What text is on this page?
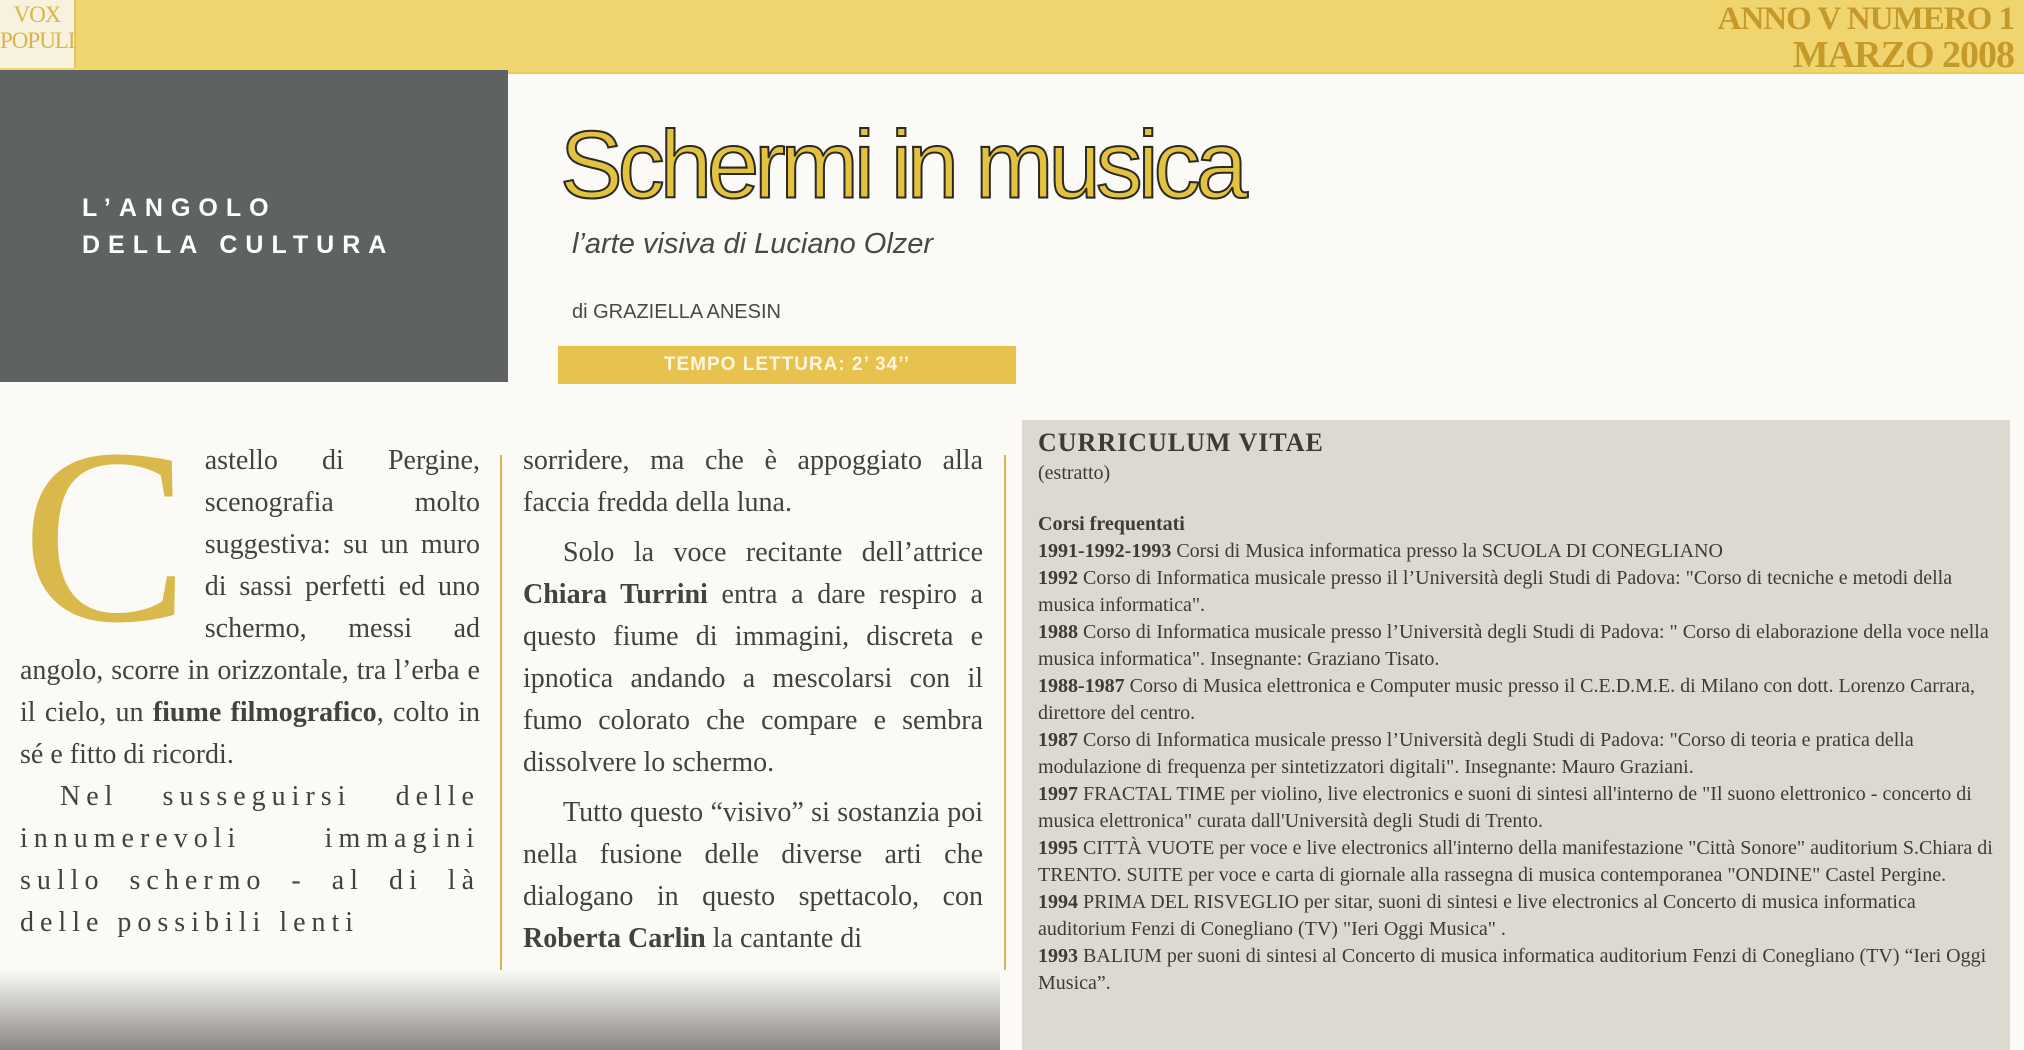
VOX
POPULI
ANNO V NUMERO 1
MARZO 2008
L’ANGOLO
DELLA CULTURA
Schermi in musica
l’arte visiva di Luciano Olzer
di GRAZIELLA ANESIN
TEMPO LETTURA: 2’ 34’’

Castello di Pergine, scenografia molto suggestiva: su un muro di sassi perfetti ed uno schermo, messi ad angolo, scorre in orizzontale, tra l’erba e il cielo, un fiume filmografico, colto in sé e fitto di ricordi.

Nel susseguirsi delle innumerevoli immagini sullo schermo - al di là delle possibili lenti

sorridere, ma che è appoggiato alla faccia fredda della luna.

Solo la voce recitante dell’attrice Chiara Turrini entra a dare respiro a questo fiume di immagini, discreta e ipnotica andando a mescolarsi con il fumo colorato che compare e sembra dissolvere lo schermo.

Tutto questo “visivo” si sostanzia poi nella fusione delle diverse arti che dialogano in questo spettacolo, con Roberta Carlin la cantante di

CURRICULUM VITAE

(estratto)

Corsi frequentati

1991-1992-1993 Corsi di Musica informatica presso la SCUOLA DI CONEGLIANO

1992 Corso di Informatica musicale presso il l’Università degli Studi di Padova: "Corso di tecniche e metodi della musica informatica".

1988 Corso di Informatica musicale presso l’Università degli Studi di Padova: " Corso di elaborazione della voce nella musica informatica". Insegnante: Graziano Tisato.

1988-1987 Corso di Musica elettronica e Computer music presso il C.E.D.M.E. di Milano con dott. Lorenzo Carrara, direttore del centro.

1987 Corso di Informatica musicale presso l’Università degli Studi di Padova: "Corso di teoria e pratica della modulazione di frequenza per sintetizzatori digitali". Insegnante: Mauro Graziani.

1997 FRACTAL TIME per violino, live electronics e suoni di sintesi all'interno de "Il suono elettronico - concerto di musica elettronica" curata dall'Università degli Studi di Trento.

1995 CITTÀ VUOTE per voce e live electronics all'interno della manifestazione "Città Sonore" auditorium S.Chiara di TRENTO. SUITE per voce e carta di giornale alla rassegna di musica contemporanea "ONDINE" Castel Pergine.

1994 PRIMA DEL RISVEGLIO per sitar, suoni di sintesi e live electronics al Concerto di musica informatica auditorium Fenzi di Conegliano (TV) "Ieri Oggi Musica" .

1993 BALIUM per suoni di sintesi al Concerto di musica informatica auditorium Fenzi di Conegliano (TV) “Ieri Oggi Musica”.
